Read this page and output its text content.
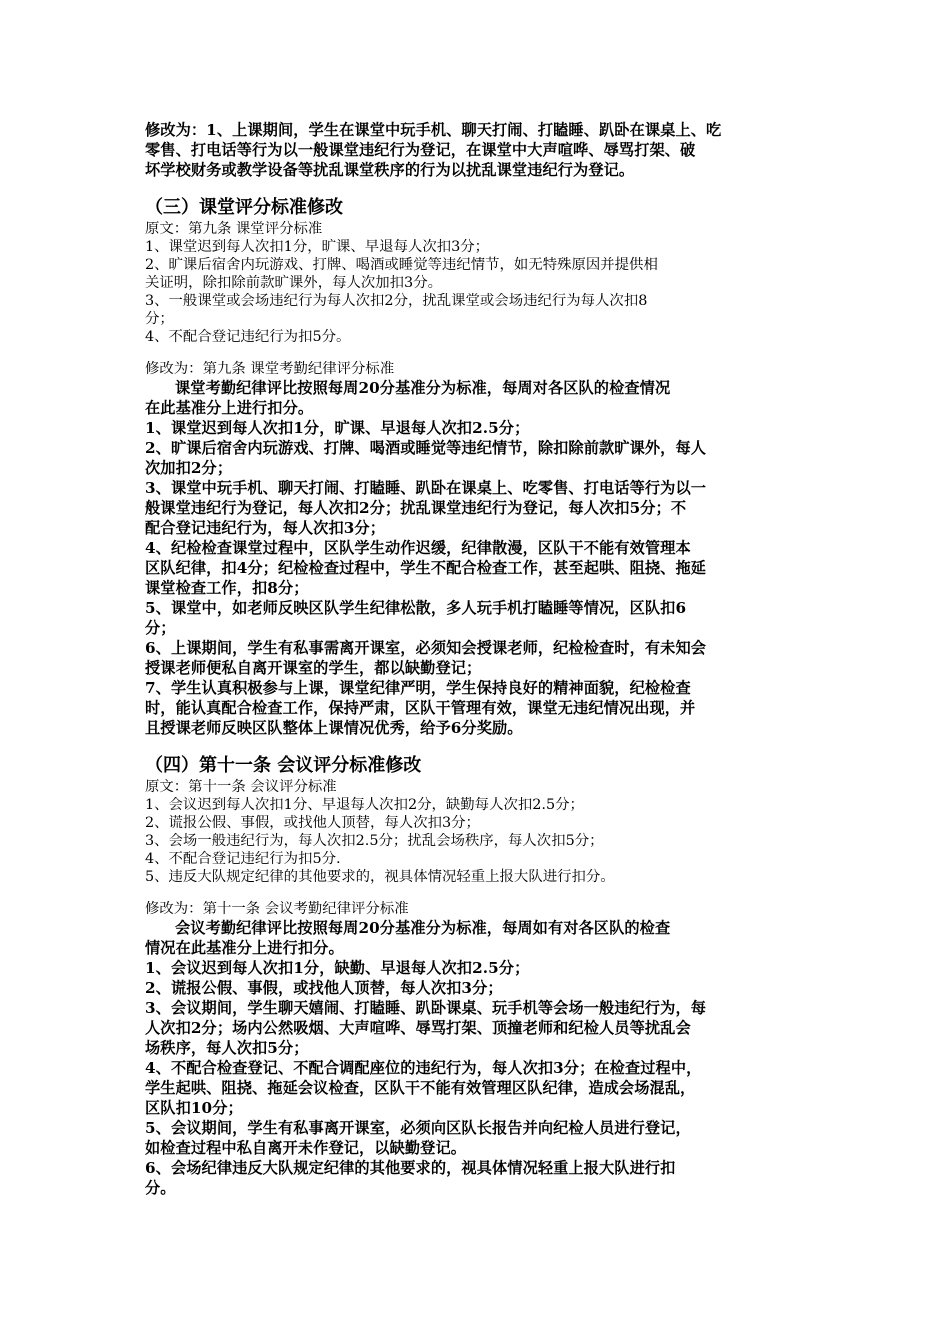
修改为：1、上课期间，学生在课堂中玩手机、聊天打闹、打瞌睡、趴卧在课桌上、吃

零售、打电话等行为以一般课堂违纪行为登记，在课堂中大声喧哗、辱骂打架、破

坏学校财务或教学设备等扰乱课堂秩序的行为以扰乱课堂违纪行为登记。

（三）课堂评分标准修改

原文：第九条 课堂评分标准

1、课堂迟到每人次扣1分，旷课、早退每人次扣3分；

2、旷课后宿舍内玩游戏、打牌、喝酒或睡觉等违纪情节，如无特殊原因并提供相

关证明，除扣除前款旷课外，每人次加扣3分。

3、一般课堂或会场违纪行为每人次扣2分，扰乱课堂或会场违纪行为每人次扣8

分；

4、不配合登记违纪行为扣5分。

修改为：第九条 课堂考勤纪律评分标准

课堂考勤纪律评比按照每周20分基准分为标准，每周对各区队的检查情况

在此基准分上进行扣分。

1、课堂迟到每人次扣1分，旷课、早退每人次扣2.5分；

2、旷课后宿舍内玩游戏、打牌、喝酒或睡觉等违纪情节，除扣除前款旷课外，每人

次加扣2分；

3、课堂中玩手机、聊天打闹、打瞌睡、趴卧在课桌上、吃零售、打电话等行为以一

般课堂违纪行为登记，每人次扣2分；扰乱课堂违纪行为登记，每人次扣5分；不

配合登记违纪行为，每人次扣3分；

4、纪检检查课堂过程中，区队学生动作迟缓，纪律散漫，区队干不能有效管理本

区队纪律，扣4分；纪检检查过程中，学生不配合检查工作，甚至起哄、阻挠、拖延

课堂检查工作，扣8分；

5、课堂中，如老师反映区队学生纪律松散，多人玩手机打瞌睡等情况，区队扣6

分；

6、上课期间，学生有私事需离开课室，必须知会授课老师，纪检检查时，有未知会

授课老师便私自离开课室的学生，都以缺勤登记；

7、学生认真积极参与上课，课堂纪律严明，学生保持良好的精神面貌，纪检检查

时，能认真配合检查工作，保持严肃，区队干管理有效，课堂无违纪情况出现，并

且授课老师反映区队整体上课情况优秀，给予6分奖励。

（四）第十一条 会议评分标准修改

原文：第十一条 会议评分标准

1、会议迟到每人次扣1分、早退每人次扣2分，缺勤每人次扣2.5分；

2、谎报公假、事假，或找他人顶替，每人次扣3分；

3、会场一般违纪行为，每人次扣2.5分；扰乱会场秩序，每人次扣5分；

4、不配合登记违纪行为扣5分.

5、违反大队规定纪律的其他要求的，视具体情况轻重上报大队进行扣分。

修改为：第十一条 会议考勤纪律评分标准

会议考勤纪律评比按照每周20分基准分为标准，每周如有对各区队的检查

情况在此基准分上进行扣分。

1、会议迟到每人次扣1分，缺勤、早退每人次扣2.5分；

2、谎报公假、事假，或找他人顶替，每人次扣3分；

3、会议期间，学生聊天嬉闹、打瞌睡、趴卧课桌、玩手机等会场一般违纪行为，每

人次扣2分；场内公然吸烟、大声喧哗、辱骂打架、顶撞老师和纪检人员等扰乱会

场秩序，每人次扣5分；

4、不配合检查登记、不配合调配座位的违纪行为，每人次扣3分；在检查过程中，

学生起哄、阻挠、拖延会议检查，区队干不能有效管理区队纪律，造成会场混乱，

区队扣10分；

5、会议期间，学生有私事离开课室，必须向区队长报告并向纪检人员进行登记，

如检查过程中私自离开未作登记，以缺勤登记。

6、会场纪律违反大队规定纪律的其他要求的，视具体情况轻重上报大队进行扣

分。
